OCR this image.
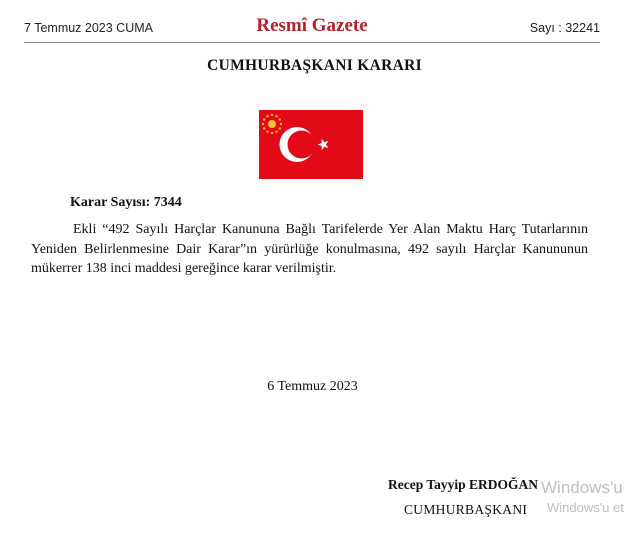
7 Temmuz 2023 CUMA	Resmî Gazete	Sayı : 32241
CUMHURBAŞKANI KARARI
Karar Sayısı: 7344
Ekli “492 Sayılı Harçlar Kanununa Bağlı Tarifelerde Yer Alan Maktu Harç Tutarlarının Yeniden Belirlenmesine Dair Karar”ın yürürlüğe konulmasına, 492 sayılı Harçlar Kanununun mükerrer 138 inci maddesi gereğince karar verilmiştir.
6 Temmuz 2023
Recep Tayyip ERDOĞAN
CUMHURBAŞKANI
Windows'u
Windows'u et
